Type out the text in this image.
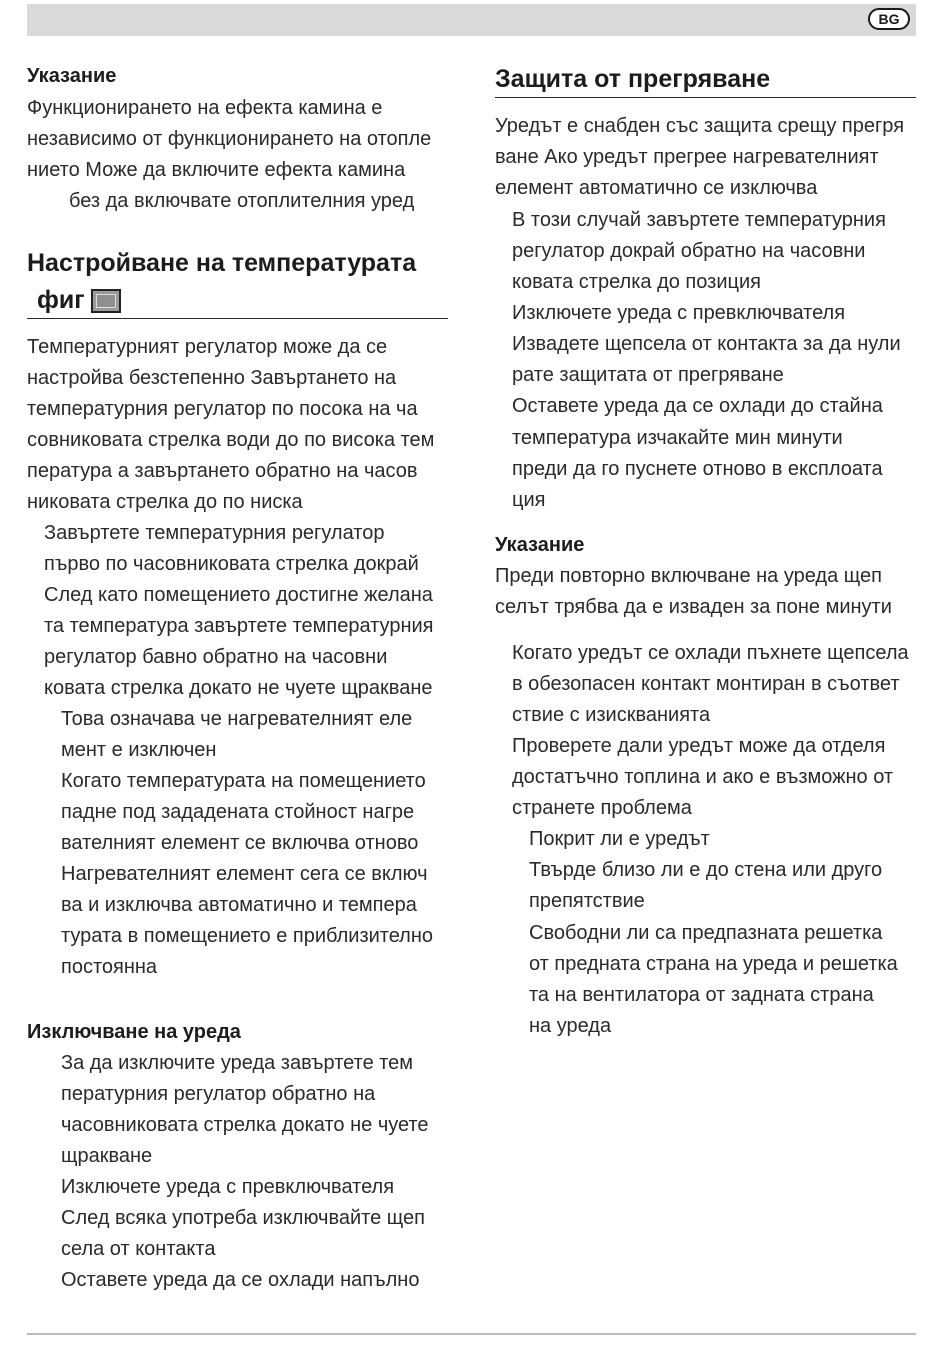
BG
Указание
Функционирането на ефекта камина е
независимо от функционирането на отопле
нието Може да включите ефекта камина
без да включвате отоплителния уред
Настройване на температурата
фиг
Температурният регулатор може да се
настройва безстепенно Завъртането на
температурния регулатор по посока на ча
совниковата стрелка води до по висока тем
пература а завъртането обратно на часов
никовата стрелка до по ниска
Завъртете температурния регулатор
първо по часовниковата стрелка докрай
След като помещението достигне желана
та температура завъртете температурния
регулатор бавно обратно на часовни
ковата стрелка докато не чуете щракване
Това означава че нагревателният еле
мент е изключен
Когато температурата на помещението
падне под зададената стойност нагре
вателният елемент се включва отново
Нагревателният елемент сега се включ
ва и изключва автоматично и темпера
турата в помещението е приблизително
постоянна
Изключване на уреда
За да изключите уреда завъртете тем
пературния регулатор обратно на
часовниковата стрелка докато не чуете
щракване
Изключете уреда с превключвателя
След всяка употреба изключвайте щеп
села от контакта
Оставете уреда да се охлади напълно
Защита от прегряване
Уредът е снабден със защита срещу прегря
ване Ако уредът прегрее нагревателният
елемент автоматично се изключва
В този случай завъртете температурния
регулатор докрай обратно на часовни
ковата стрелка до позиция
Изключете уреда с превключвателя
Извадете щепсела от контакта за да нули
рате защитата от прегряване
Оставете уреда да се охлади до стайна
температура изчакайте мин минути
преди да го пуснете отново в експлоата
ция
Указание
Преди повторно включване на уреда щеп
селът трябва да е изваден за поне минути
Когато уредът се охлади пъхнете щепсела
в обезопасен контакт монтиран в съответ
ствие с изискванията
Проверете дали уредът може да отделя
достатъчно топлина и ако е възможно от
странете проблема
Покрит ли е уредът
Твърде близо ли е до стена или друго
препятствие
Свободни ли са предпазната решетка
от предната страна на уреда и решетка
та на вентилатора от задната страна
на уреда
